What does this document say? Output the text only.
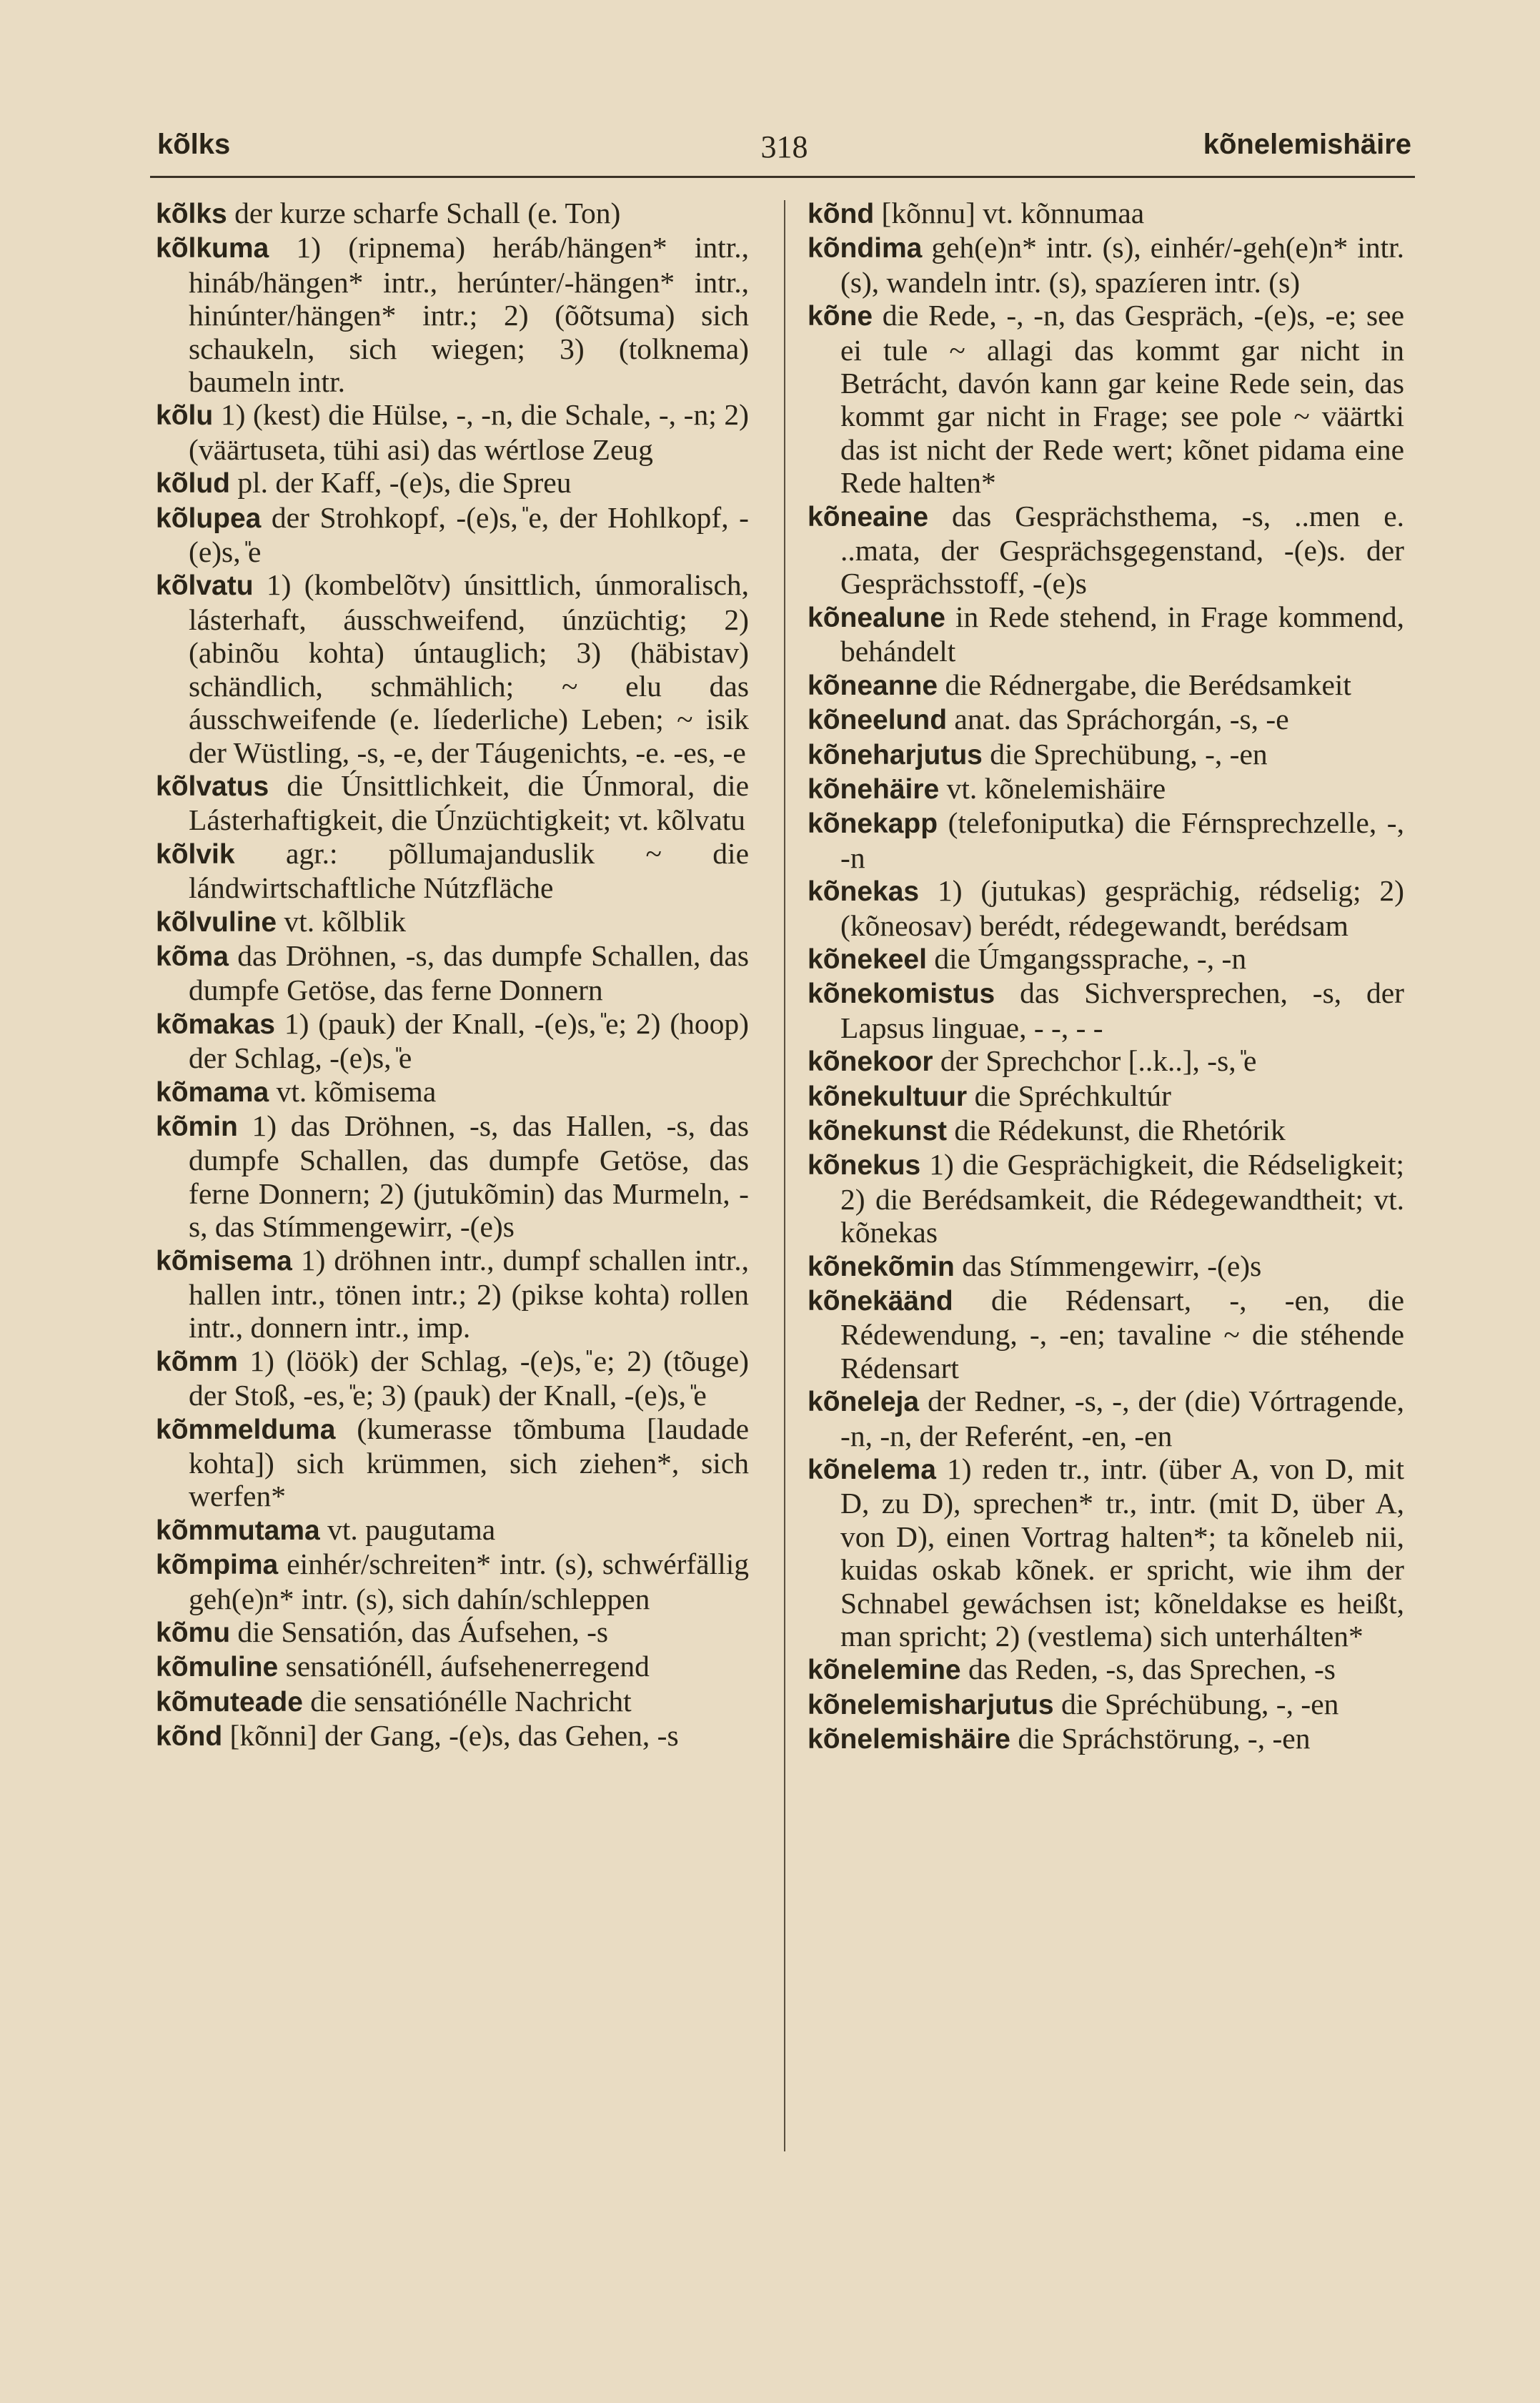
kõlks	318	kõnelemishäire

kõlks der kurze scharfe Schall (e. Ton)

kõlkuma 1) (ripnema) heráb/hängen* intr., hináb/hängen* intr., herúnter/-hängen* intr., hinúnter/hängen* intr.; 2) (õõtsuma) sich schaukeln, sich wiegen; 3) (tolknema) baumeln intr.

kõlu 1) (kest) die Hülse, -, -n, die Schale, -, -n; 2) (väärtuseta, tühi asi) das wértlose Zeug

kõlud pl. der Kaff, -(e)s, die Spreu

kõlupea der Strohkopf, -(e)s, ̎e, der Hohlkopf, -(e)s, ̎e

kõlvatu 1) (kombelõtv) únsittlich, únmoralisch, lásterhaft, áusschweifend, únzüchtig; 2) (abinõu kohta) úntauglich; 3) (häbistav) schändlich, schmählich; ~ elu das áusschweifende (e. líederliche) Leben; ~ isik der Wüstling, -s, -e, der Táugenichts, -e. -es, -e

kõlvatus die Únsittlichkeit, die Únmoral, die Lásterhaftigkeit, die Únzüchtigkeit; vt. kõlvatu

kõlvik agr.: põllumajanduslik ~ die lándwirtschaftliche Nútzfläche

kõlvuline vt. kõlblik

kõma das Dröhnen, -s, das dumpfe Schallen, das dumpfe Getöse, das ferne Donnern

kõmakas 1) (pauk) der Knall, -(e)s, ̎e; 2) (hoop) der Schlag, -(e)s, ̎e

kõmama vt. kõmisema

kõmin 1) das Dröhnen, -s, das Hallen, -s, das dumpfe Schallen, das dumpfe Getöse, das ferne Donnern; 2) (jutukõmin) das Murmeln, -s, das Stímmengewirr, -(e)s

kõmisema 1) dröhnen intr., dumpf schallen intr., hallen intr., tönen intr.; 2) (pikse kohta) rollen intr., donnern intr., imp.

kõmm 1) (löök) der Schlag, -(e)s, ̎e; 2) (tõuge) der Stoß, -es, ̎e; 3) (pauk) der Knall, -(e)s, ̎e

kõmmelduma (kumerasse tõmbuma [laudade kohta]) sich krümmen, sich ziehen*, sich werfen*

kõmmutama vt. paugutama

kõmpima einhér/schreiten* intr. (s), schwérfällig geh(e)n* intr. (s), sich dahín/schleppen

kõmu die Sensatión, das Áufsehen, -s

kõmuline sensatiónéll, áufsehenerregend

kõmuteade die sensatiónélle Nachricht

kõnd [kõnni] der Gang, -(e)s, das Gehen, -s

kõnd [kõnnu] vt. kõnnumaa

kõndima geh(e)n* intr. (s), einhér/-geh(e)n* intr. (s), wandeln intr. (s), spazíeren intr. (s)

kõne die Rede, -, -n, das Gespräch, -(e)s, -e; see ei tule ~ allagi das kommt gar nicht in Betrácht, davón kann gar keine Rede sein, das kommt gar nicht in Frage; see pole ~ väärtki das ist nicht der Rede wert; kõnet pidama eine Rede halten*

kõneaine das Gesprächsthema, -s, ..men e. ..mata, der Gesprächsgegenstand, -(e)s. der Gesprächsstoff, -(e)s

kõnealune in Rede stehend, in Frage kommend, behándelt

kõneanne die Rédnergabe, die Berédsamkeit

kõneelund anat. das Spráchorgán, -s, -e

kõneharjutus die Sprechübung, -, -en

kõnehäire vt. kõnelemishäire

kõnekapp (telefoniputka) die Férnsprechzelle, -, -n

kõnekas 1) (jutukas) gesprächig, rédselig; 2) (kõneosav) berédt, rédegewandt, berédsam

kõnekeel die Úmgangssprache, -, -n

kõnekomistus das Sichversprechen, -s, der Lapsus linguae, - -, - -

kõnekoor der Sprechchor [..k..], -s, ̎e

kõnekultuur die Spréchkultúr

kõnekunst die Rédekunst, die Rhetórik

kõnekus 1) die Gesprächigkeit, die Rédseligkeit; 2) die Berédsamkeit, die Rédegewandtheit; vt. kõnekas

kõnekõmin das Stímmengewirr, -(e)s

kõnekäänd die Rédensart, -, -en, die Rédewendung, -, -en; tavaline ~ die stéhende Rédensart

kõneleja der Redner, -s, -, der (die) Vórtragende, -n, -n, der Referént, -en, -en

kõnelema 1) reden tr., intr. (über A, von D, mit D, zu D), sprechen* tr., intr. (mit D, über A, von D), einen Vortrag halten*; ta kõneleb nii, kuidas oskab kõnek. er spricht, wie ihm der Schnabel gewáchsen ist; kõneldakse es heißt, man spricht; 2) (vestlema) sich unterhálten*

kõnelemine das Reden, -s, das Sprechen, -s

kõnelemisharjutus die Spréchübung, -, -en

kõnelemishäire die Spráchstörung, -, -en
